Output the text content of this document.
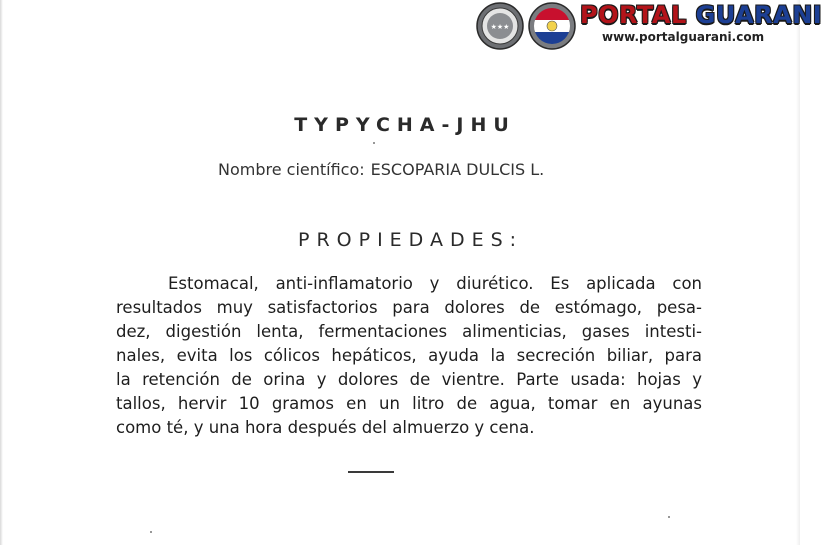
★★★	PORTAL GUARANI
www.portalguarani.com
TYPYCHA-JHU
Nombre científico: ESCOPARIA DULCIS L.
PROPIEDADES:
Estomacal, anti-inflamatorio y diurético. Es aplicada con
resultados muy satisfactorios para dolores de estómago, pesa-
dez, digestión lenta, fermentaciones alimenticias, gases intesti-
nales, evita los cólicos hepáticos, ayuda la secreción biliar, para
la retención de orina y dolores de vientre. Parte usada: hojas y
tallos, hervir 10 gramos en un litro de agua, tomar en ayunas
como té, y una hora después del almuerzo y cena.
